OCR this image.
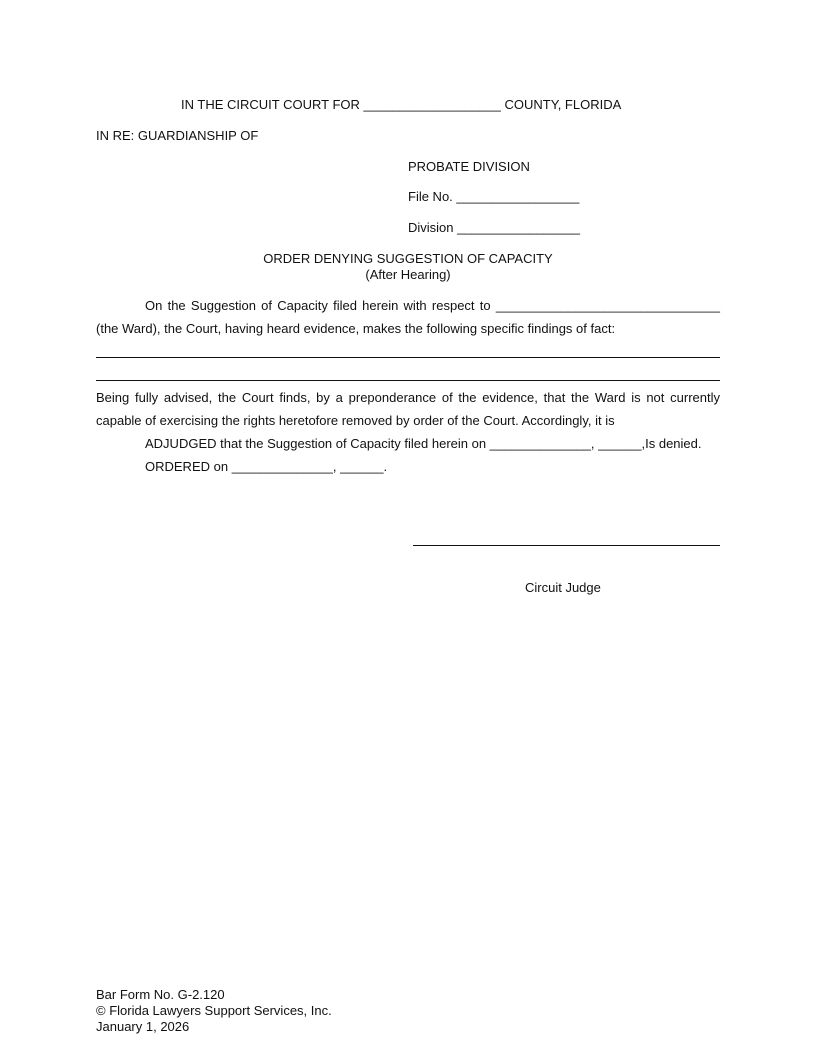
IN THE CIRCUIT COURT FOR ___________________ COUNTY, FLORIDA
IN RE: GUARDIANSHIP OF
PROBATE DIVISION
File No. _________________
Division _________________
ORDER DENYING SUGGESTION OF CAPACITY
(After Hearing)
On the Suggestion of Capacity filed herein with respect to _______________________________
(the Ward), the Court, having heard evidence, makes the following specific findings of fact:
Being fully advised, the Court finds, by a preponderance of the evidence, that the Ward is not currently
capable of exercising the rights heretofore removed by order of the Court. Accordingly, it is
ADJUDGED that the Suggestion of Capacity filed herein on ______________, ______,Is denied.
ORDERED on ______________, ______.
Circuit Judge
Bar Form No. G-2.120
© Florida Lawyers Support Services, Inc.
January 1, 2026
